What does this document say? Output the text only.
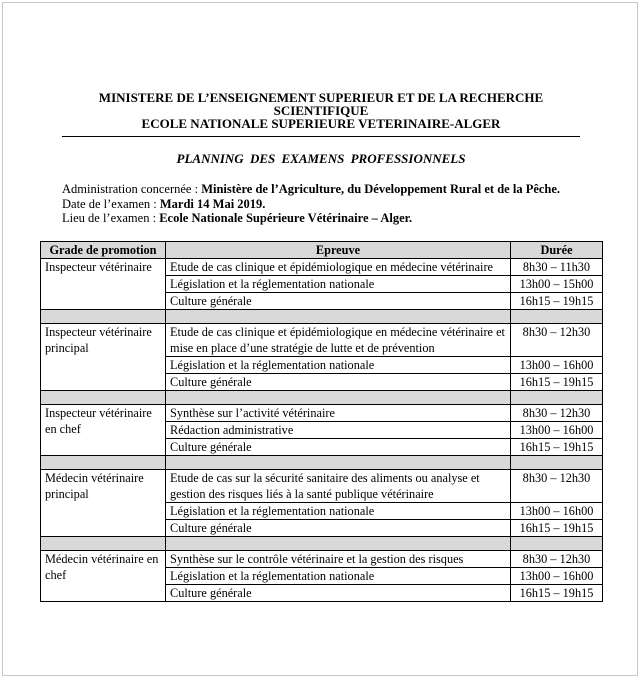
MINISTERE DE L’ENSEIGNEMENT SUPERIEUR ET DE LA RECHERCHE
SCIENTIFIQUE
ECOLE NATIONALE SUPERIEURE VETERINAIRE-ALGER
PLANNING DES EXAMENS PROFESSIONNELS
Administration concernée : Ministère de l’Agriculture, du Développement Rural et de la Pêche.
Date de l’examen : Mardi 14 Mai 2019.
Lieu de l’examen : Ecole Nationale Supérieure Vétérinaire – Alger.
Grade de promotion	Epreuve	Durée
Inspecteur vétérinaire	Etude de cas clinique et épidémiologique en médecine vétérinaire	8h30 – 11h30
	Législation et la réglementation nationale	13h00 – 15h00
	Culture générale	16h15 – 19h15

Inspecteur vétérinaire principal	Etude de cas clinique et épidémiologique en médecine vétérinaire et mise en place d’une stratégie de lutte et de prévention	8h30 – 12h30
	Législation et la réglementation nationale	13h00 – 16h00
	Culture générale	16h15 – 19h15

Inspecteur vétérinaire en chef	Synthèse sur l’activité vétérinaire	8h30 – 12h30
	Rédaction administrative	13h00 – 16h00
	Culture générale	16h15 – 19h15

Médecin vétérinaire principal	Etude de cas sur la sécurité sanitaire des aliments ou analyse et gestion des risques liés à la santé publique vétérinaire	8h30 – 12h30
	Législation et la réglementation nationale	13h00 – 16h00
	Culture générale	16h15 – 19h15

Médecin vétérinaire en chef	Synthèse sur le contrôle vétérinaire et la gestion des risques	8h30 – 12h30
	Législation et la réglementation nationale	13h00 – 16h00
	Culture générale	16h15 – 19h15
